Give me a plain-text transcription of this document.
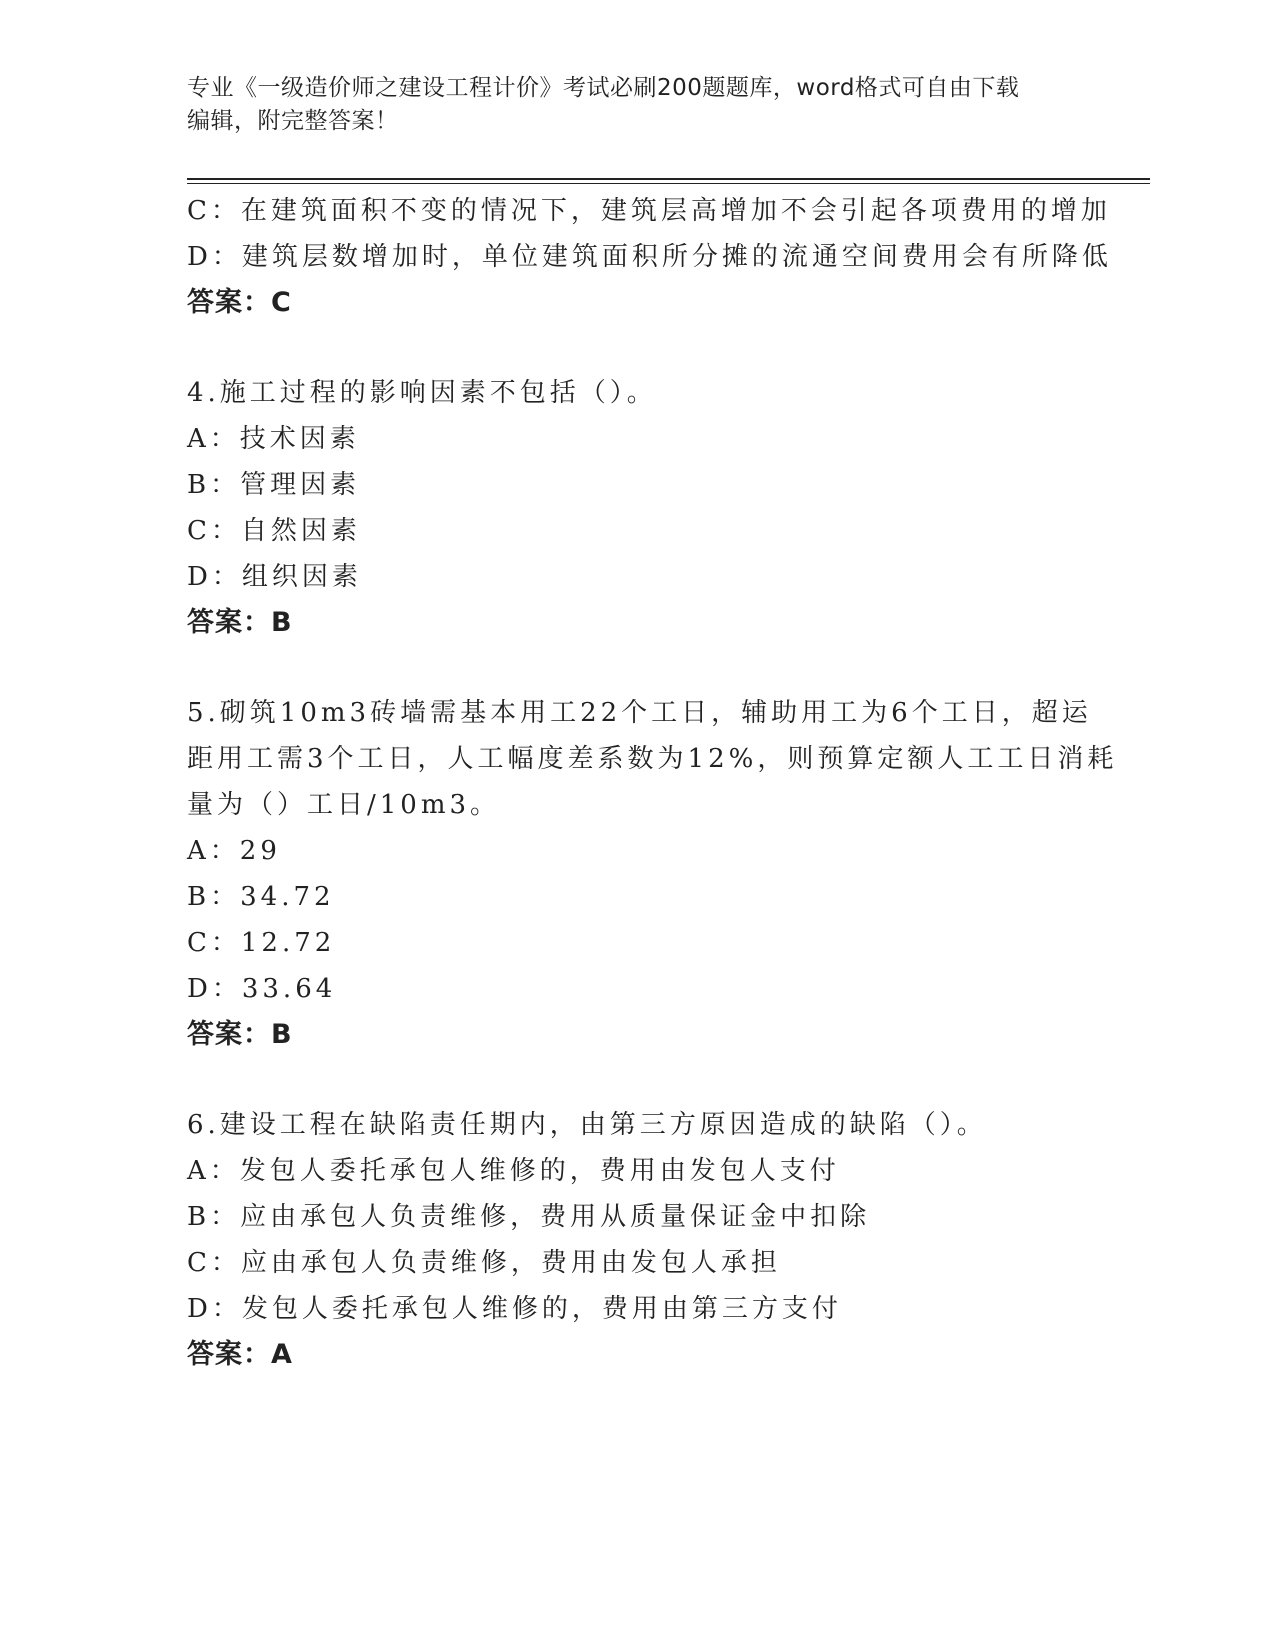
专业《一级造价师之建设工程计价》考试必刷200题题库，word格式可自由下载
编辑，附完整答案！
C：在建筑面积不变的情况下，建筑层高增加不会引起各项费用的增加
D：建筑层数增加时，单位建筑面积所分摊的流通空间费用会有所降低
答案：C
4.施工过程的影响因素不包括（）。
A：技术因素
B：管理因素
C：自然因素
D：组织因素
答案：B
5.砌筑10m3砖墙需基本用工22个工日，辅助用工为6个工日，超运
距用工需3个工日，人工幅度差系数为12%，则预算定额人工工日消耗
量为（）工日/10m3。
A：29
B：34.72
C：12.72
D：33.64
答案：B
6.建设工程在缺陷责任期内，由第三方原因造成的缺陷（）。
A：发包人委托承包人维修的，费用由发包人支付
B：应由承包人负责维修，费用从质量保证金中扣除
C：应由承包人负责维修，费用由发包人承担
D：发包人委托承包人维修的，费用由第三方支付
答案：A
